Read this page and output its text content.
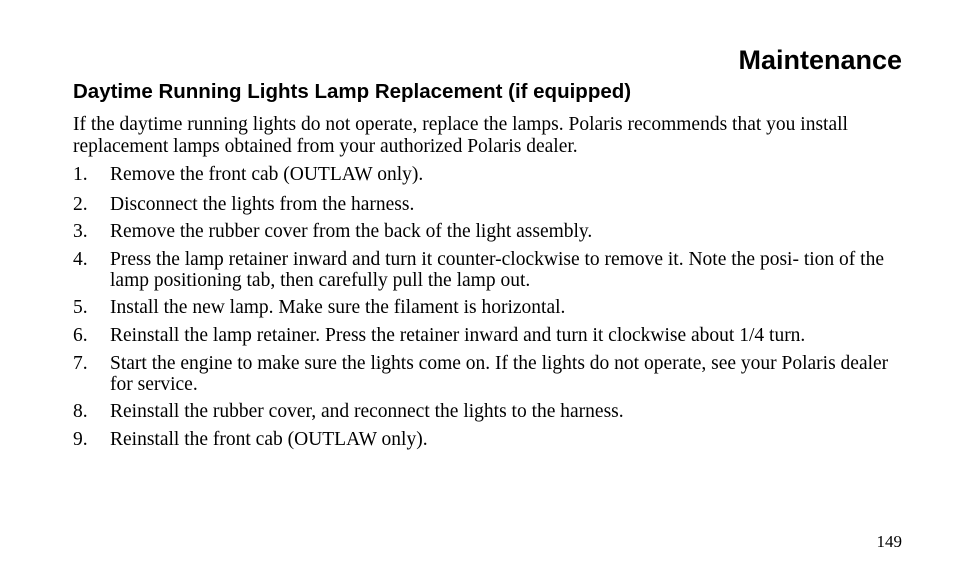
Maintenance
Daytime Running Lights Lamp Replacement (if equipped)

If the daytime running lights do not operate, replace the lamps. Polaris recommends that you install replacement lamps obtained from your authorized Polaris dealer.

1.	Remove the front cab (OUTLAW only).
2.	Disconnect the lights from the harness.
3.	Remove the rubber cover from the back of the light assembly.
4.	Press the lamp retainer inward and turn it counter-clockwise to remove it. Note the posi- tion of the lamp positioning tab, then carefully pull the lamp out.
5.	Install the new lamp. Make sure the filament is horizontal.
6.	Reinstall the lamp retainer. Press the retainer inward and turn it clockwise about 1/4 turn.
7.	Start the engine to make sure the lights come on. If the lights do not operate, see your Polaris dealer for service.
8.	Reinstall the rubber cover, and reconnect the lights to the harness.
9.	Reinstall the front cab (OUTLAW only).

149
